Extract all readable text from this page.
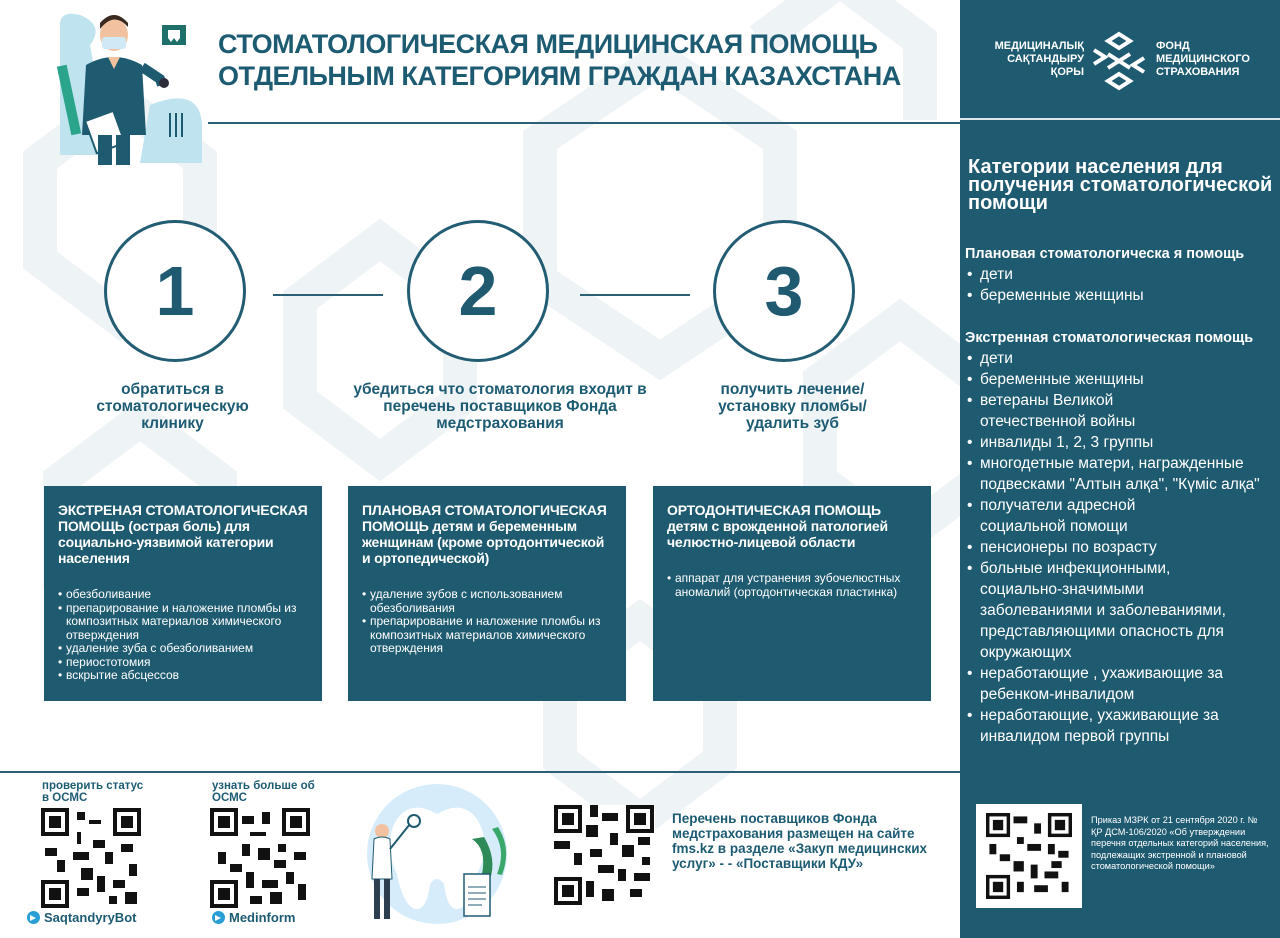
СТОМАТОЛОГИЧЕСКАЯ МЕДИЦИНСКАЯ ПОМОЩЬ
ОТДЕЛЬНЫМ КАТЕГОРИЯМ ГРАЖДАН КАЗАХСТАНА
1	2	3
обратиться в стоматологическую клинику
убедиться что стоматология входит в перечень поставщиков Фонда медстрахования
получить лечение/ установку пломбы/ удалить зуб
ЭКСТРЕНАЯ СТОМАТОЛОГИЧЕСКАЯ ПОМОЩЬ (острая боль) для социально-уязвимой категории населения
• обезболивание
• препарирование и наложение пломбы из композитных материалов химического отверждения
• удаление зуба с обезболиванием
• периостотомия
• вскрытие абсцессов
ПЛАНОВАЯ СТОМАТОЛОГИЧЕСКАЯ ПОМОЩЬ детям и беременным женщинам (кроме ортодонтической и ортопедической)
• удаление зубов с использованием обезболивания
• препарирование и наложение пломбы из композитных материалов химического отверждения
ОРТОДОНТИЧЕСКАЯ ПОМОЩЬ детям с врожденной патологией челюстно-лицевой области
• аппарат для устранения зубочелюстных аномалий (ортодонтическая пластинка)
проверить статус в ОСМС
SaqtandyryBot
узнать больше об ОСМС
Medinform
Перечень поставщиков Фонда медстрахования размещен на сайте fms.kz в разделе «Закуп медицинских услуг» - - «Поставщики КДУ»
МЕДИЦИНАЛЫҚ САҚТАНДЫРУ ҚОРЫ
ФОНД МЕДИЦИНСКОГО СТРАХОВАНИЯ
Категории населения для получения стоматологической помощи
Плановая стоматологическа я помощь
• дети
• беременные женщины
Экстренная стоматологическая помощь
• дети
• беременные женщины
• ветераны Великой отечественной войны
• инвалиды 1, 2, 3 группы
• многодетные матери, награжденные подвесками "Алтын алқа", "Күміс алқа"
• получатели адресной социальной помощи
• пенсионеры по возрасту
• больные инфекционными, социально-значимыми заболеваниями и заболеваниями, представляющими опасность для окружающих
• неработающие , ухаживающие за ребенком-инвалидом
• неработающие, ухаживающие за инвалидом первой группы
Приказ МЗРК от 21 сентября 2020 г. № ҚР ДСМ-106/2020 «Об утверждении перечня отдельных категорий населения, подлежащих экстренной и плановой стоматологической помощи»
